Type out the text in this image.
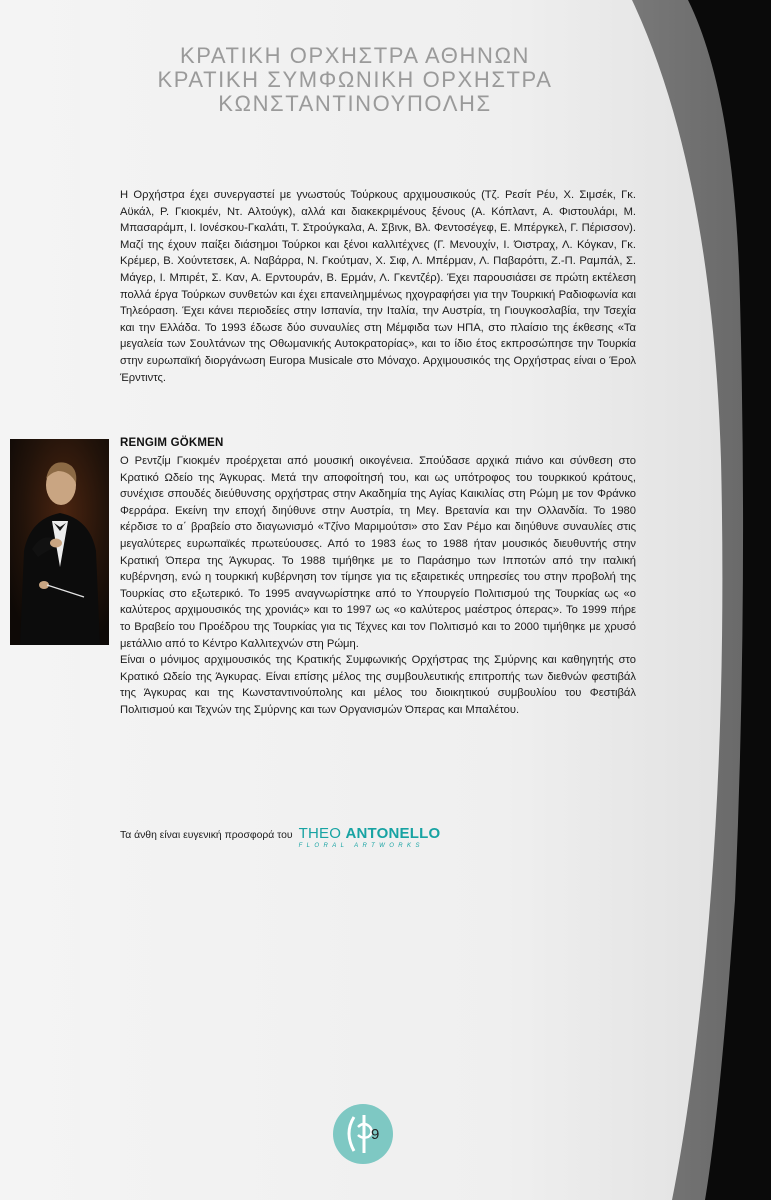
ΚΡΑΤΙΚΗ ΟΡΧΗΣΤΡΑ ΑΘΗΝΩΝ
ΚΡΑΤΙΚΗ ΣΥΜΦΩΝΙΚΗ ΟΡΧΗΣΤΡΑ
ΚΩΝΣΤΑΝΤΙΝΟΥΠΟΛΗΣ

Η Ορχήστρα έχει συνεργαστεί με γνωστούς Τούρκους αρχιμουσικούς (Τζ. Ρεσίτ Ρέυ, Χ. Σιμσέκ, Γκ. Αϋκάλ, Ρ. Γκιοκμέν, Ντ. Αλτούγκ), αλλά και διακεκριμένους ξένους (Α. Κόπλαντ, Α. Φιστουλάρι, Μ. Μπασαράμπ, Ι. Ιονέσκου-Γκαλάτι, Τ. Στρούγκαλα, Α. Σβινκ, Βλ. Φεντοσέγεφ, Ε. Μπέργκελ, Γ. Πέρισσον). Μαζί της έχουν παίξει διάσημοι Τούρκοι και ξένοι καλλιτέχνες (Γ. Μενουχίν, Ι. Όιστραχ, Λ. Κόγκαν, Γκ. Κρέμερ, Β. Χούντετσεκ, Α. Ναβάρρα, Ν. Γκούτμαν, Χ. Σιφ, Λ. Μπέρμαν, Λ. Παβαρόττι, Ζ.-Π. Ραμπάλ, Σ. Μάγερ, Ι. Μπιρέτ, Σ. Καν, Α. Ερντουράν, Β. Ερμάν, Λ. Γκεντζέρ). Έχει παρουσιάσει σε πρώτη εκτέλεση πολλά έργα Τούρκων συνθετών και έχει επανειλημμένως ηχογραφήσει για την Τουρκική Ραδιοφωνία και Τηλεόραση. Έχει κάνει περιοδείες στην Ισπανία, την Ιταλία, την Αυστρία, τη Γιουγκοσλαβία, την Τσεχία και την Ελλάδα. Το 1993 έδωσε δύο συναυλίες στη Μέμφιδα των ΗΠΑ, στο πλαίσιο της έκθεσης «Τα μεγαλεία των Σουλτάνων της Οθωμανικής Αυτοκρατορίας», και το ίδιο έτος εκπροσώπησε την Τουρκία στην ευρωπαϊκή διοργάνωση Europa Musicale στο Μόναχο. Αρχιμουσικός της Ορχήστρας είναι ο Έρολ Έρντιντς.

RENGIM GÖKMEN

Ο Ρεντζίμ Γκιοκμέν προέρχεται από μουσική οικογένεια. Σπούδασε αρχικά πιάνο και σύνθεση στο Κρατικό Ωδείο της Άγκυρας. Μετά την αποφοίτησή του, και ως υπότροφος του τουρκικού κράτους, συνέχισε σπουδές διεύθυνσης ορχήστρας στην Ακαδημία της Αγίας Καικιλίας στη Ρώμη με τον Φράνκο Φερράρα. Εκείνη την εποχή διηύθυνε στην Αυστρία, τη Μεγ. Βρετανία και την Ολλανδία. Το 1980 κέρδισε το α΄ βραβείο στο διαγωνισμό «Τζίνο Μαριμούτσι» στο Σαν Ρέμο και διηύθυνε συναυλίες στις μεγαλύτερες ευρωπαϊκές πρωτεύουσες. Από το 1983 έως το 1988 ήταν μουσικός διευθυντής στην Κρατική Όπερα της Άγκυρας. Το 1988 τιμήθηκε με το Παράσημο των Ιπποτών από την ιταλική κυβέρνηση, ενώ η τουρκική κυβέρνηση τον τίμησε για τις εξαιρετικές υπηρεσίες του στην προβολή της Τουρκίας στο εξωτερικό. Το 1995 αναγνωρίστηκε από το Υπουργείο Πολιτισμού της Τουρκίας ως «ο καλύτερος αρχιμουσικός της χρονιάς» και το 1997 ως «ο καλύτερος μαέστρος όπερας». Το 1999 πήρε το Βραβείο του Προέδρου της Τουρκίας για τις Τέχνες και τον Πολιτισμό και το 2000 τιμήθηκε με χρυσό μετάλλιο από το Κέντρο Καλλιτεχνών στη Ρώμη.

Είναι ο μόνιμος αρχιμουσικός της Κρατικής Συμφωνικής Ορχήστρας της Σμύρνης και καθηγητής στο Κρατικό Ωδείο της Άγκυρας. Είναι επίσης μέλος της συμβουλευτικής επιτροπής των διεθνών φεστιβάλ της Άγκυρας και της Κωνσταντινούπολης και μέλος του διοικητικού συμβουλίου του Φεστιβάλ Πολιτισμού και Τεχνών της Σμύρνης και των Οργανισμών Όπερας και Μπαλέτου.

Τα άνθη είναι ευγενική προσφορά του THEO ANTONELLO
FLORAL ARTWORKS
9
